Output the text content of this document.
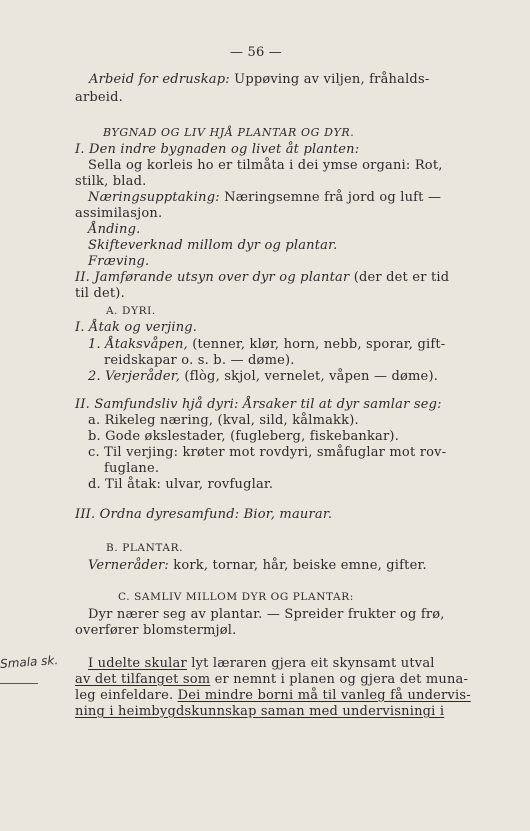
— 56 —
Arbeid for edruskap: Uppøving av viljen, fråhalds-
arbeid.
BYGNAD OG LIV HJÅ PLANTAR OG DYR.
I. Den indre bygnaden og livet åt planten:
Sella og korleis ho er tilmåta i dei ymse organi: Rot,
stilk, blad.
Næringsupptaking: Næringsemne frå jord og luft —
assimilasjon.
Ånding.
Skifteverknad millom dyr og plantar.
Fræving.
II. Jamførande utsyn over dyr og plantar (der det er tid
til det).
A. DYRI.
I. Åtak og verjing.
1. Åtaksvåpen, (tenner, klør, horn, nebb, sporar, gift-
reidskapar o. s. b. — døme).
2. Verjeråder, (flòg, skjol, vernelet, våpen — døme).
II. Samfundsliv hjå dyri: Årsaker til at dyr samlar seg:
a. Rikeleg næring, (kval, sild, kålmakk).
b. Gode økslestader, (fugleberg, fiskebankar).
c. Til verjing: krøter mot rovdyri, småfuglar mot rov-
fuglane.
d. Til åtak: ulvar, rovfuglar.
III. Ordna dyresamfund: Bior, maurar.
B. PLANTAR.
Verneråder: kork, tornar, hår, beiske emne, gifter.
C. SAMLIV MILLOM DYR OG PLANTAR:
Dyr nærer seg av plantar. — Spreider frukter og frø,
overfører blomstermjøl.
I udelte skular lyt læraren gjera eit skynsamt utval
av det tilfanget som er nemnt i planen og gjera det muna-
leg einfeldare. Dei mindre borni må til vanleg få undervis-
ning i heimbygdskunnskap saman med undervisningi i
Smala sk.
